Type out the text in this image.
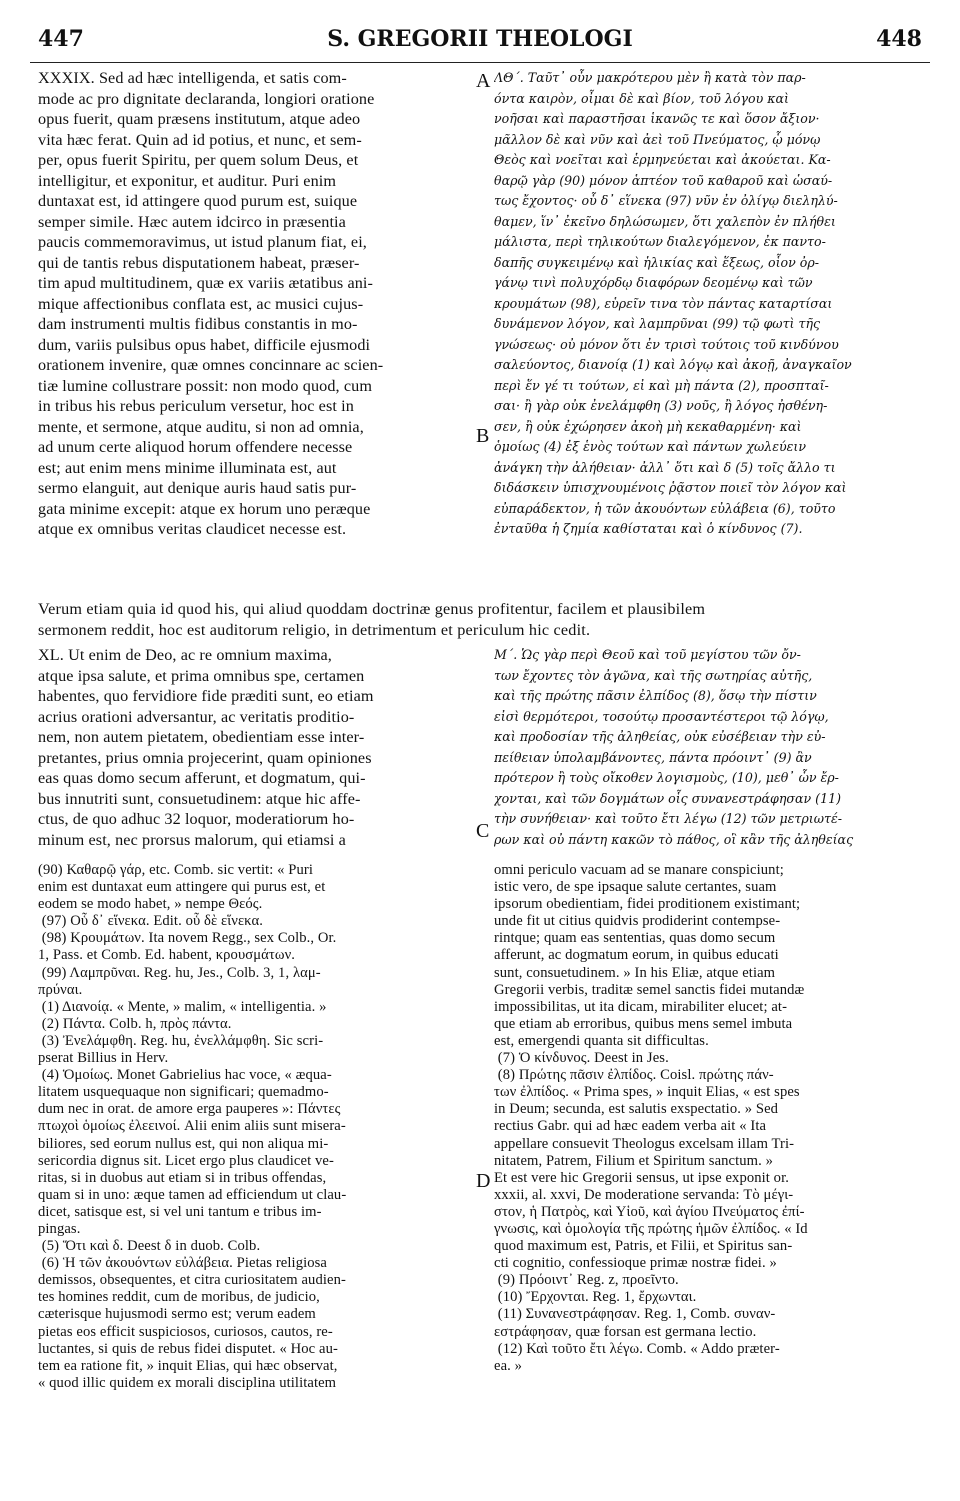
447	S. GREGORII THEOLOGI	448
XXXIX. Sed ad hæc intelligenda, et satis com-
mode ac pro dignitate declaranda, longiori oratione
opus fuerit, quam præsens institutum, atque adeo
vita hæc ferat. Quin ad id potius, et nunc, et sem-
per, opus fuerit Spiritu, per quem solum Deus, et
intelligitur, et exponitur, et auditur. Puri enim
duntaxat est, id attingere quod purum est, suique
semper simile. Hæc autem idcirco in præsentia
paucis commemoravimus, ut istud planum fiat, ei,
qui de tantis rebus disputationem habeat, præser-
tim apud multitudinem, quæ ex variis ætatibus ani-
mique affectionibus conflata est, ac musici cujus-
dam instrumenti multis fidibus constantis in mo-
dum, variis pulsibus opus habet, difficile ejusmodi
orationem invenire, quæ omnes concinnare ac scien-
tiæ lumine collustrare possit: non modo quod, cum
in tribus his rebus periculum versetur, hoc est in
mente, et sermone, atque auditu, si non ad omnia,
ad unum certe aliquod horum offendere necesse
est; aut enim mens minime illuminata est, aut
sermo elanguit, aut denique auris haud satis pur-
gata minime excepit: atque ex horum uno peræque
atque ex omnibus veritas claudicet necesse est.
ΛΘ΄. Ταῦτ᾽ οὖν μακρότερου μὲν ἢ κατὰ τὸν παρ-
όντα καιρὸν, οἶμαι δὲ καὶ βίον, τοῦ λόγου καὶ
νοῆσαι καὶ παραστῆσαι ἱκανῶς τε καὶ ὅσον ἄξιον·
μᾶλλον δὲ καὶ νῦν καὶ ἀεὶ τοῦ Πνεύματος, ᾧ μόνῳ
Θεὸς καὶ νοεῖται καὶ ἑρμηνεύεται καὶ ἀκούεται. Κα-
θαρῷ γὰρ (90) μόνον ἁπτέον τοῦ καθαροῦ καὶ ὡσαύ-
τως ἔχοντος· οὗ δ᾽ εἵνεκα (97) νῦν ἐν ὀλίγῳ διεληλύ-
θαμεν, ἵν᾽ ἐκεῖνο δηλώσωμεν, ὅτι χαλεπὸν ἐν πλήθει
μάλιστα, περὶ τηλικούτων διαλεγόμενον, ἐκ παντο-
δαπῆς συγκειμένῳ καὶ ἡλικίας καὶ ἕξεως, οἷον ὀρ-
γάνῳ τινὶ πολυχόρδῳ διαφόρων δεομένῳ καὶ τῶν
κρουμάτων (98), εὑρεῖν τινα τὸν πάντας καταρτίσαι
δυνάμενον λόγον, καὶ λαμπρῦναι (99) τῷ φωτὶ τῆς
γνώσεως· οὐ μόνον ὅτι ἐν τρισὶ τούτοις τοῦ κινδύνου
σαλεύοντος, διανοίᾳ (1) καὶ λόγῳ καὶ ἀκοῇ, ἀναγκαῖον
περὶ ἕν γέ τι τούτων, εἰ καὶ μὴ πάντα (2), προσπταῖ-
σαι· ἢ γὰρ οὐκ ἐνελάμφθη (3) νοῦς, ἢ λόγος ἠσθένη-
σεν, ἢ οὐκ ἐχώρησεν ἀκοὴ μὴ κεκαθαρμένη· καὶ
ὁμοίως (4) ἐξ ἑνὸς τούτων καὶ πάντων χωλεύειν
ἀνάγκη τὴν ἀλήθειαν· ἀλλ᾽ ὅτι καὶ δ (5) τοῖς ἄλλο τι
διδάσκειν ὑπισχνουμένοις ῥᾷστον ποιεῖ τὸν λόγον καὶ
εὐπαράδεκτον, ἡ τῶν ἀκουόντων εὐλάβεια (6), τοῦτο
ἐνταῦθα ἡ ζημία καθίσταται καὶ ὁ κίνδυνος (7).
Verum etiam quia id quod his, qui aliud quoddam doctrinæ genus profitentur, facilem et plausibilem
sermonem reddit, hoc est auditorum religio, in detrimentum et periculum hic cedit.
XL. Ut enim de Deo, ac re omnium maxima,
atque ipsa salute, et prima omnibus spe, certamen
habentes, quo fervidiore fide præditi sunt, eo etiam
acrius orationi adversantur, ac veritatis proditio-
nem, non autem pietatem, obedientiam esse inter-
pretantes, prius omnia projecerint, quam opiniones
eas quas domo secum afferunt, et dogmatum, qui-
bus innutriti sunt, consuetudinem: atque hic affe-
ctus, de quo adhuc 32 loquor, moderatiorum ho-
minum est, nec prorsus malorum, qui etiamsi a
Μ΄. Ὡς γὰρ περὶ Θεοῦ καὶ τοῦ μεγίστου τῶν ὄν-
των ἔχοντες τὸν ἀγῶνα, καὶ τῆς σωτηρίας αὐτῆς,
καὶ τῆς πρώτης πᾶσιν ἐλπίδος (8), ὅσῳ τὴν πίστιν
εἰσὶ θερμότεροι, τοσούτῳ προσαντέστεροι τῷ λόγῳ,
καὶ προδοσίαν τῆς ἀληθείας, οὐκ εὐσέβειαν τὴν εὐ-
πείθειαν ὑπολαμβάνοντες, πάντα πρόοιντ᾽ (9) ἂν
πρότερον ἢ τοὺς οἴκοθεν λογισμοὺς, (10), μεθ᾽ ὧν ἔρ-
χονται, καὶ τῶν δογμάτων οἷς συνανεστράφησαν (11)
τὴν συνήθειαν· καὶ τοῦτο ἔτι λέγω (12) τῶν μετριωτέ-
ρων καὶ οὐ πάντη κακῶν τὸ πάθος, οἳ κἂν τῆς ἀληθείας
(90) Καθαρῷ γάρ, etc. Comb. sic vertit: « Puri
enim est duntaxat eum attingere qui purus est, et
eodem se modo habet, » nempe Θεός.
(97) Οὗ δ᾽ εἵνεκα. Edit. οὗ δὲ εἵνεκα.
(98) Κρουμάτων. Ita novem Regg., sex Colb., Or.
1, Pass. et Comb. Ed. habent, κρουσμάτων.
(99) Λαμπρῦναι. Reg. hu, Jes., Colb. 3, 1, λαμ-
πρύναι.
(1) Διανοίᾳ. « Mente, » malim, « intelligentia. »
(2) Πάντα. Colb. h, πρὸς πάντα.
(3) Ἐνελάμφθη. Reg. hu, ἐνελλάμφθη. Sic scri-
pserat Billius in Herv.
(4) Ὁμοίως. Monet Gabrielius hac voce, « æqua-
litatem usquequaque non significari; quemadmo-
dum nec in orat. de amore erga pauperes »: Πάντες
πτωχοὶ ὁμοίως ἐλεεινοί. Alii enim aliis sunt misera-
biliores, sed eorum nullus est, qui non aliqua mi-
sericordia dignus sit. Licet ergo plus claudicet ve-
ritas, si in duobus aut etiam si in tribus offendas,
quam si in uno: æque tamen ad efficiendum ut clau-
dicet, satisque est, si vel uni tantum e tribus im-
pingas.
(5) Ὅτι καὶ δ. Deest δ in duob. Colb.
(6) Ἡ τῶν ἀκουόντων εὐλάβεια. Pietas religiosa
demissos, obsequentes, et citra curiositatem audien-
tes homines reddit, cum de moribus, de judicio,
cæterisque hujusmodi sermo est; verum eadem
pietas eos efficit suspiciosos, curiosos, cautos, re-
luctantes, si quis de rebus fidei disputet. « Hoc au-
tem ea ratione fit, » inquit Elias, qui hæc observat,
« quod illic quidem ex morali disciplina utilitatem
omni periculo vacuam ad se manare conspiciunt;
istic vero, de spe ipsaque salute certantes, suam
ipsorum obedientiam, fidei proditionem existimant;
unde fit ut citius quidvis prodiderint contempse-
rintque; quam eas sententias, quas domo secum
afferunt, ac dogmatum eorum, in quibus educati
sunt, consuetudinem. » In his Eliæ, atque etiam
Gregorii verbis, traditæ semel sanctis fidei mutandæ
impossibilitas, ut ita dicam, mirabiliter elucet; at-
que etiam ab erroribus, quibus mens semel imbuta
est, emergendi quanta sit difficultas.
(7) Ὁ κίνδυνος. Deest in Jes.
(8) Πρώτης πᾶσιν ἐλπίδος. Coisl. πρώτης πάν-
των ἐλπίδος. « Prima spes, » inquit Elias, « est spes
in Deum; secunda, est salutis exspectatio. » Sed
rectius Gabr. qui ad hæc eadem verba ait « Ita
appellare consuevit Theologus excelsam illam Tri-
nitatem, Patrem, Filium et Spiritum sanctum. »
Et est vere hic Gregorii sensus, ut ipse exponit or.
xxxii, al. xxvi, De moderatione servanda: Τὸ μέγι-
στον, ἡ Πατρὸς, καὶ Υἱοῦ, καὶ ἁγίου Πνεύματος ἐπί-
γνωσις, καὶ ὁμολογία τῆς πρώτης ἡμῶν ἐλπίδος. « Id
quod maximum est, Patris, et Filii, et Spiritus san-
cti cognitio, confessioque primæ nostræ fidei. »
(9) Πρόοιντ᾽ Reg. z, προεῖντο.
(10) Ἔρχονται. Reg. 1, ἔρχωνται.
(11) Συνανεστράφησαν. Reg. 1, Comb. συναν-
εστράφησαν, quæ forsan est germana lectio.
(12) Καὶ τοῦτο ἔτι λέγω. Comb. « Addo præter-
ea. »
A
B
C
D
